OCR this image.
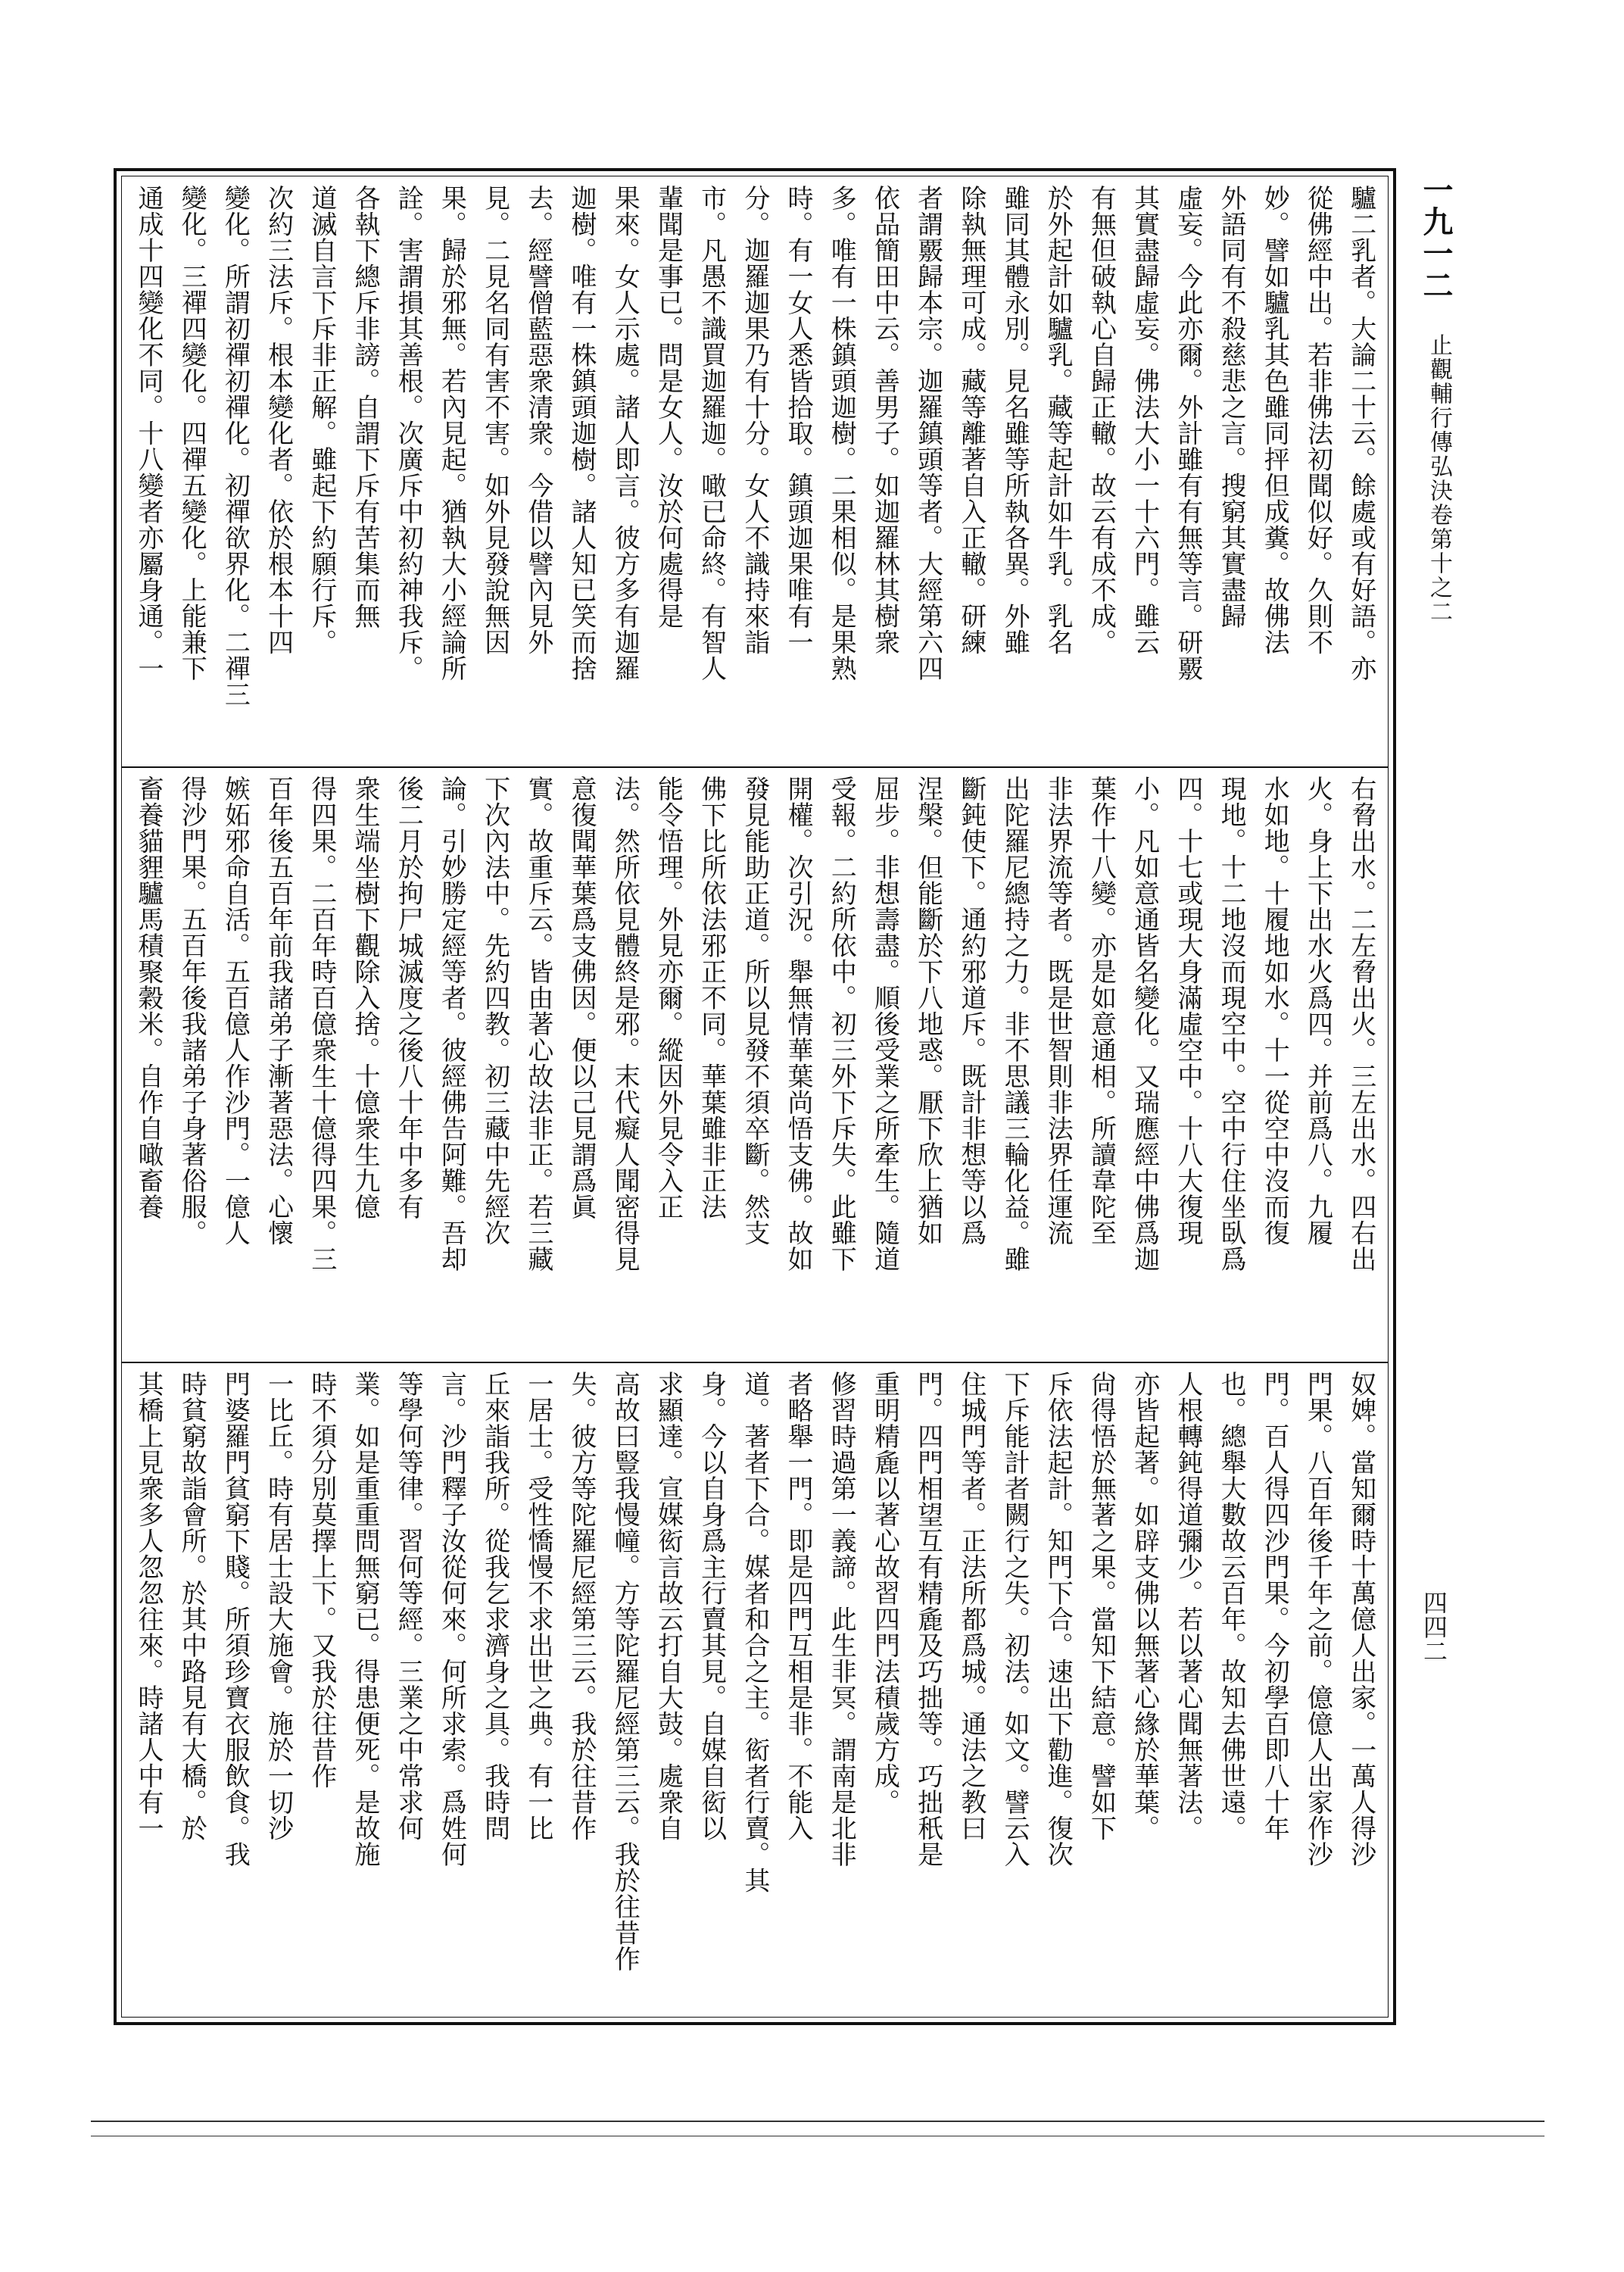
一九一二
止觀輔行傳弘決卷第十之二
四四二
驢二乳者。大論二十云。餘處或有好語。亦
從佛經中出。若非佛法初聞似好。久則不
妙。譬如驢乳其色雖同抨但成糞。故佛法
外語同有不殺慈悲之言。搜窮其實盡歸
虛妄。今此亦爾。外計雖有有無等言。研覈
其實盡歸虛妄。佛法大小一十六門。雖云
有無但破執心自歸正轍。故云有成不成。
於外起計如驢乳。藏等起計如牛乳。乳名
雖同其體永別。見名雖等所執各異。外雖
除執無理可成。藏等離著自入正轍。研練
者謂覈歸本宗。迦羅鎮頭等者。大經第六四
依品簡田中云。善男子。如迦羅林其樹衆
多。唯有一株鎮頭迦樹。二果相似。是果熟
時。有一女人悉皆拾取。鎮頭迦果唯有一
分。迦羅迦果乃有十分。女人不識持來詣
市。凡愚不識買迦羅迦。噉已命終。有智人
輩聞是事已。問是女人。汝於何處得是
果來。女人示處。諸人即言。彼方多有迦羅
迦樹。唯有一株鎮頭迦樹。諸人知已笑而捨
去。經譬僧藍惡衆清衆。今借以譬內見外
見。二見名同有害不害。如外見發說無因
果。歸於邪無。若內見起。猶執大小經論所
詮。害謂損其善根。次廣斥中初約神我斥。
各執下總斥非謗。自謂下斥有苦集而無
道滅自言下斥非正解。雖起下約願行斥。
次約三法斥。根本變化者。依於根本十四
變化。所謂初禪初禪化。初禪欲界化。二禪三
變化。三禪四變化。四禪五變化。上能兼下
通成十四變化不同。十八變者亦屬身通。一
右脅出水。二左脅出火。三左出水。四右出
火。身上下出水火爲四。并前爲八。九履
水如地。十履地如水。十一從空中沒而復
現地。十二地沒而現空中。空中行住坐臥爲
四。十七或現大身滿虛空中。十八大復現
小。凡如意通皆名變化。又瑞應經中佛爲迦
葉作十八變。亦是如意通相。所讀韋陀至
非法界流等者。既是世智則非法界任運流
出陀羅尼總持之力。非不思議三輪化益。雖
斷鈍使下。通約邪道斥。既計非想等以爲
涅槃。但能斷於下八地惑。厭下欣上猶如
屈步。非想壽盡。順後受業之所牽生。隨道
受報。二約所依中。初三外下斥失。此雖下
開權。次引況。舉無情華葉尚悟支佛。故如
發見能助正道。所以見發不須卒斷。然支
佛下比所依法邪正不同。華葉雖非正法
能令悟理。外見亦爾。縱因外見令入正
法。然所依見體終是邪。末代癡人聞密得見
意復聞華葉爲支佛因。便以己見謂爲眞
實。故重斥云。皆由著心故法非正。若三藏
下次內法中。先約四教。初三藏中先經次
論。引妙勝定經等者。彼經佛告阿難。吾却
後二月於拘尸城滅度之後八十年中多有
衆生端坐樹下觀除入捨。十億衆生九億
得四果。二百年時百億衆生十億得四果。三
百年後五百年前我諸弟子漸著惡法。心懷
嫉妬邪命自活。五百億人作沙門。一億人
得沙門果。五百年後我諸弟子身著俗服。
畜養貓貍驢馬積聚穀米。自作自噉畜養
奴婢。當知爾時十萬億人出家。一萬人得沙
門果。八百年後千年之前。億億人出家作沙
門。百人得四沙門果。今初學百即八十年
也。總舉大數故云百年。故知去佛世遠。
人根轉鈍得道彌少。若以著心聞無著法。
亦皆起著。如辟支佛以無著心緣於華葉。
尙得悟於無著之果。當知下結意。譬如下
斥依法起計。知門下合。速出下勸進。復次
下斥能計者闕行之失。初法。如文。譬云入
住城門等者。正法所都爲城。通法之教曰
門。四門相望互有精麁及巧拙等。巧拙秖是
重明精麁以著心故習四門法積歲方成。
修習時過第一義諦。此生非冥。謂南是北非
者略舉一門。即是四門互相是非。不能入
道。著者下合。媒者和合之主。衒者行賣。其
身。今以自身爲主行賣其見。自媒自衒以
求顯達。宣媒衒言故云打自大鼓。處衆自
高故曰豎我慢幢。方等陀羅尼經第三云。我於往昔作
失。彼方等陀羅尼經第三云。我於往昔作
一居士。受性憍慢不求出世之典。有一比
丘來詣我所。從我乞求濟身之具。我時問
言。沙門釋子汝從何來。何所求索。爲姓何
等學何等律。習何等經。三業之中常求何
業。如是重重問無窮已。得患便死。是故施
時不須分別莫擇上下。又我於往昔作
一比丘。時有居士設大施會。施於一切沙
門婆羅門貧窮下賤。所須珍寶衣服飲食。我
時貧窮故詣會所。於其中路見有大橋。於
其橋上見衆多人忽忽往來。時諸人中有一
